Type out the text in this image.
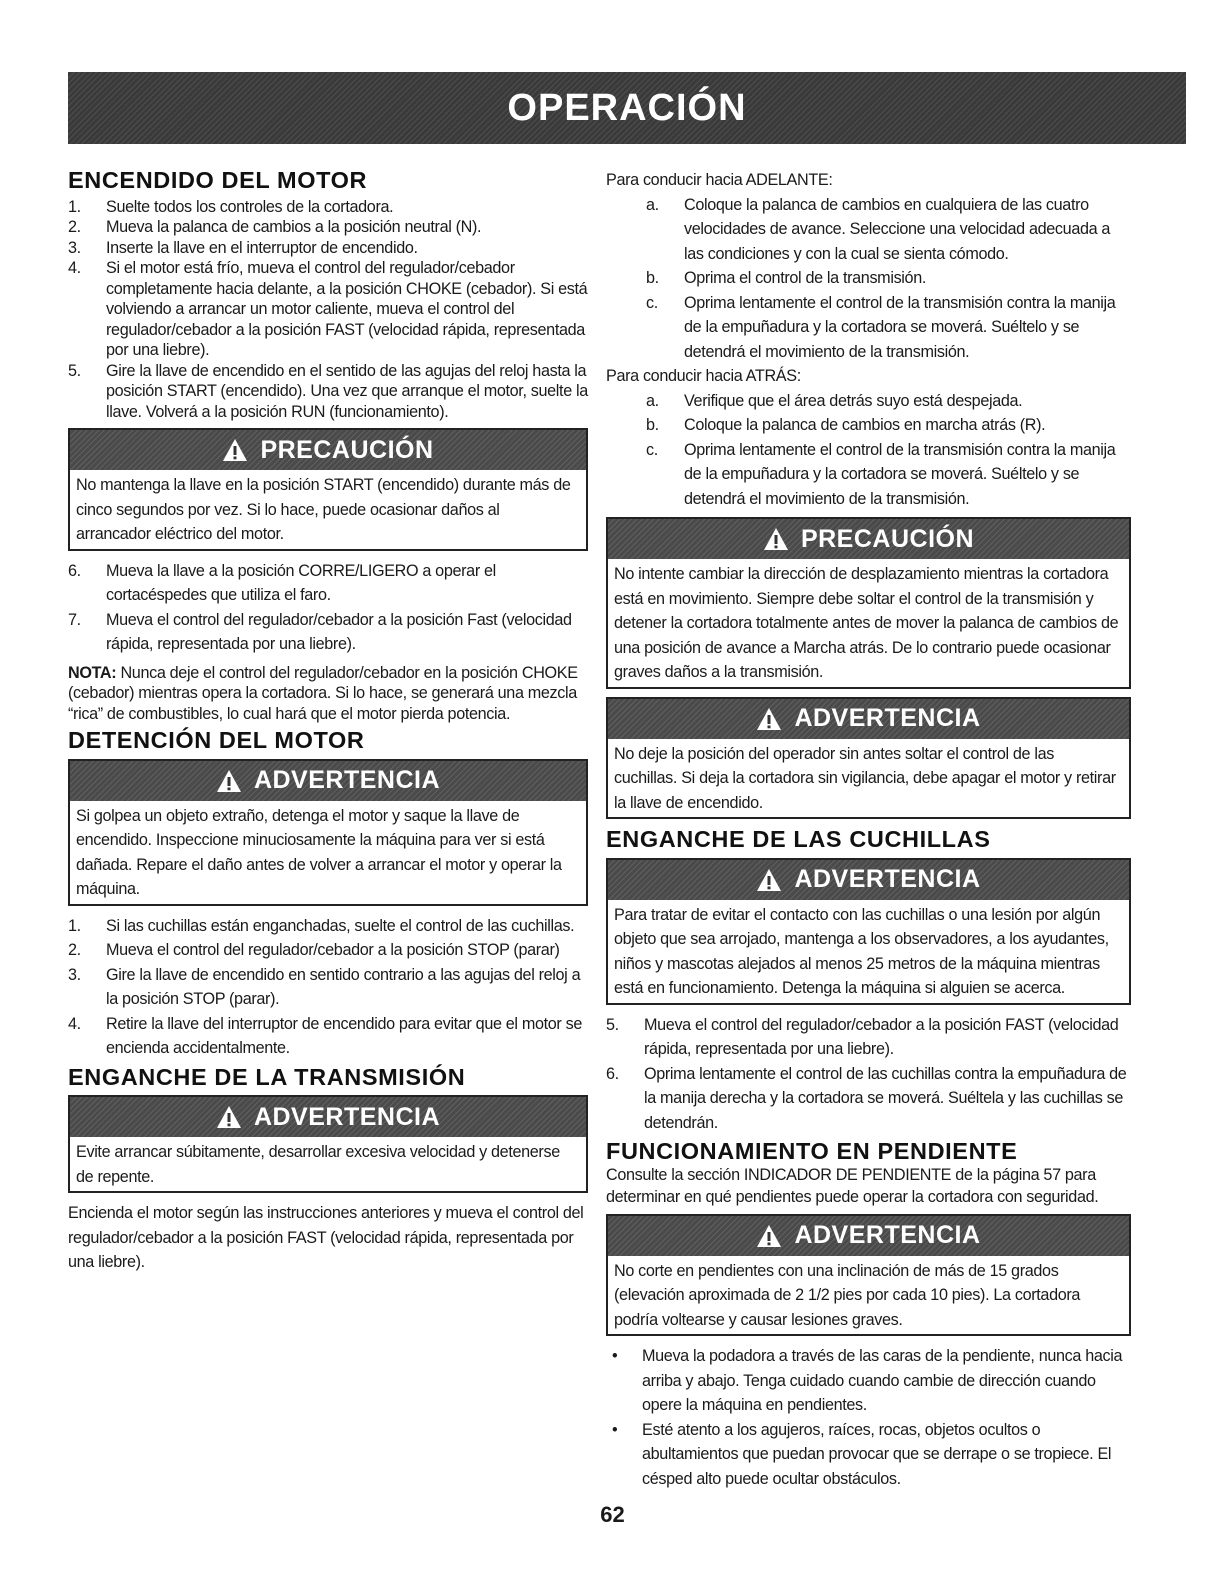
OPERACIÓN
ENCENDIDO DEL MOTOR
1.	Suelte todos los controles de la cortadora.
2.	Mueva la palanca de cambios a la posición neutral (N).
3.	Inserte la llave en el interruptor de encendido.
4.	Si el motor está frío, mueva el control del regulador/cebador completamente hacia delante, a la posición CHOKE (cebador). Si está volviendo a arrancar un motor caliente, mueva el control del regulador/cebador a la posición FAST (velocidad rápida, representada por una liebre).
5.	Gire la llave de encendido en el sentido de las agujas del reloj hasta la posición START (encendido). Una vez que arranque el motor, suelte la llave. Volverá a la posición RUN (funcionamiento).
PRECAUCIÓN
No mantenga la llave en la posición START (encendido) durante más de cinco segundos por vez. Si lo hace, puede ocasionar daños al arrancador eléctrico del motor.
6.	Mueva la llave a la posición CORRE/LIGERO a operar el cortacéspedes que utiliza el faro.
7.	Mueva el control del regulador/cebador a la posición Fast (velocidad rápida, representada por una liebre).
NOTA: Nunca deje el control del regulador/cebador en la posición CHOKE (cebador) mientras opera la cortadora. Si lo hace, se generará una mezcla “rica” de combustibles, lo cual hará que el motor pierda potencia.
DETENCIÓN DEL MOTOR
ADVERTENCIA
Si golpea un objeto extraño, detenga el motor y saque la llave de encendido. Inspeccione minuciosamente la máquina para ver si está dañada. Repare el daño antes de volver a arrancar el motor y operar la máquina.
1.	Si las cuchillas están enganchadas, suelte el control de las cuchillas.
2.	Mueva el control del regulador/cebador a la posición STOP (parar)
3.	Gire la llave de encendido en sentido contrario a las agujas del reloj a la posición STOP (parar).
4.	Retire la llave del interruptor de encendido para evitar que el motor se encienda accidentalmente.
ENGANCHE DE LA TRANSMISIÓN
ADVERTENCIA
Evite arrancar súbitamente, desarrollar excesiva velocidad y detenerse de repente.
Encienda el motor según las instrucciones anteriores y mueva el control del regulador/cebador a la posición FAST (velocidad rápida, representada por una liebre).
Para conducir hacia ADELANTE:
a.	Coloque la palanca de cambios en cualquiera de las cuatro velocidades de avance. Seleccione una velocidad adecuada a las condiciones y con la cual se sienta cómodo.
b.	Oprima el control de la transmisión.
c.	Oprima lentamente el control de la transmisión contra la manija de la empuñadura y la cortadora se moverá. Suéltelo y se detendrá el movimiento de la transmisión.
Para conducir hacia ATRÁS:
a.	Verifique que el área detrás suyo está despejada.
b.	Coloque la palanca de cambios en marcha atrás (R).
c.	Oprima lentamente el control de la transmisión contra la manija de la empuñadura y la cortadora se moverá. Suéltelo y se detendrá el movimiento de la transmisión.
PRECAUCIÓN
No intente cambiar la dirección de desplazamiento mientras la cortadora está en movimiento. Siempre debe soltar el control de la transmisión y detener la cortadora totalmente antes de mover la palanca de cambios de una posición de avance a Marcha atrás. De lo contrario puede ocasionar graves daños a la transmisión.
ADVERTENCIA
No deje la posición del operador sin antes soltar el control de las cuchillas. Si deja la cortadora sin vigilancia, debe apagar el motor y retirar la llave de encendido.
ENGANCHE DE LAS CUCHILLAS
ADVERTENCIA
Para tratar de evitar el contacto con las cuchillas o una lesión por algún objeto que sea arrojado, mantenga a los observadores, a los ayudantes, niños y mascotas alejados al menos 25 metros de la máquina mientras está en funcionamiento. Detenga la máquina si alguien se acerca.
5.	Mueva el control del regulador/cebador a la posición FAST (velocidad rápida, representada por una liebre).
6.	Oprima lentamente el control de las cuchillas contra la empuñadura de la manija derecha y la cortadora se moverá. Suéltela y las cuchillas se detendrán.
FUNCIONAMIENTO EN PENDIENTE
Consulte la sección INDICADOR DE PENDIENTE de la página 57 para determinar en qué pendientes puede operar la cortadora con seguridad.
ADVERTENCIA
No corte en pendientes con una inclinación de más de 15 grados (elevación aproximada de 2 1/2 pies por cada 10 pies). La cortadora podría voltearse y causar lesiones graves.
•	Mueva la podadora a través de las caras de la pendiente, nunca hacia arriba y abajo. Tenga cuidado cuando cambie de dirección cuando opere la máquina en pendientes.
•	Esté atento a los agujeros, raíces, rocas, objetos ocultos o abultamientos que puedan provocar que se derrape o se tropiece. El césped alto puede ocultar obstáculos.
62
